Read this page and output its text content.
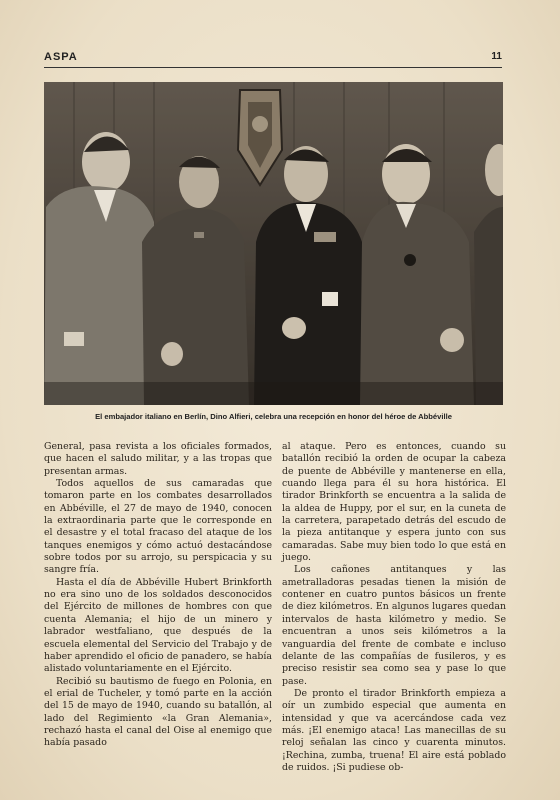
ASPA	11
El embajador italiano en Berlín, Dino Alfieri, celebra una recepción en honor del héroe de Abbéville

General, pasa revista a los oficiales formados, que hacen el saludo militar, y a las tropas que presentan armas.

Todos aquellos de sus camaradas que tomaron parte en los combates desarrollados en Abbéville, el 27 de mayo de 1940, conocen la extraordinaria parte que le corresponde en el desastre y el total fracaso del ataque de los tanques enemigos y cómo actuó destacándose sobre todos por su arrojo, su perspicacia y su sangre fría.

Hasta el día de Abbéville Hubert Brinkforth no era sino uno de los soldados desconocidos del Ejército de millones de hombres con que cuenta Alemania; el hijo de un minero y labrador westfaliano, que después de la escuela elemental del Servicio del Trabajo y de haber aprendido el oficio de panadero, se había alistado voluntariamente en el Ejército.

Recibió su bautismo de fuego en Polonia, en el erial de Tucheler, y tomó parte en la acción del 15 de mayo de 1940, cuando su batallón, al lado del Regimiento «la Gran Alemania», rechazó hasta el canal del Oise al enemigo que había pasado

al ataque. Pero es entonces, cuando su batallón recibió la orden de ocupar la cabeza de puente de Abbéville y mantenerse en ella, cuando llega para él su hora histórica. El tirador Brinkforth se encuentra a la salida de la aldea de Huppy, por el sur, en la cuneta de la carretera, parapetado detrás del escudo de la pieza antitanque y espera junto con sus camaradas. Sabe muy bien todo lo que está en juego.

Los cañones antitanques y las ametralladoras pesadas tienen la misión de contener en cuatro puntos básicos un frente de diez kilómetros. En algunos lugares quedan intervalos de hasta kilómetro y medio. Se encuentran a unos seis kilómetros a la vanguardia del frente de combate e incluso delante de las compañías de fusileros, y es preciso resistir sea como sea y pase lo que pase.

De pronto el tirador Brinkforth empieza a oír un zumbido especial que aumenta en intensidad y que va acercándose cada vez más. ¡El enemigo ataca! Las manecillas de su reloj señalan las cinco y cuarenta minutos. ¡Rechina, zumba, truena! El aire está poblado de ruidos. ¡Si pudiese ob-
